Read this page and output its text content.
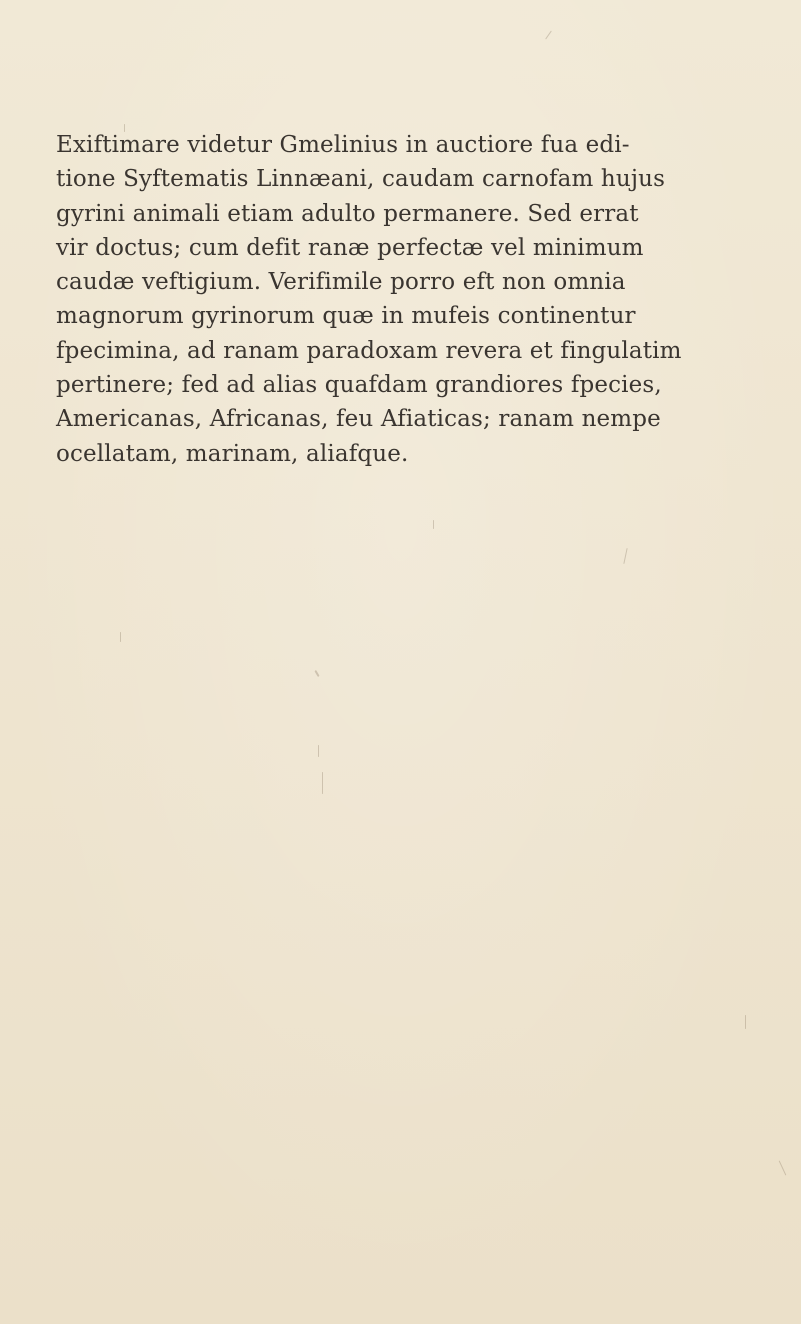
Exiftimare videtur Gmelinius in auctiore fua edi-
tione Syftematis Linnæani, caudam carnofam hujus
gyrini animali etiam adulto permanere. Sed errat
vir doctus; cum defit ranæ perfectæ vel minimum
caudæ veftigium. Verifimile porro eft non omnia
magnorum gyrinorum quæ in mufeis continentur
fpecimina, ad ranam paradoxam revera et fingulatim
pertinere; fed ad alias quafdam grandiores fpecies,
Americanas, Africanas, feu Afiaticas; ranam nempe
ocellatam, marinam, aliafque.
